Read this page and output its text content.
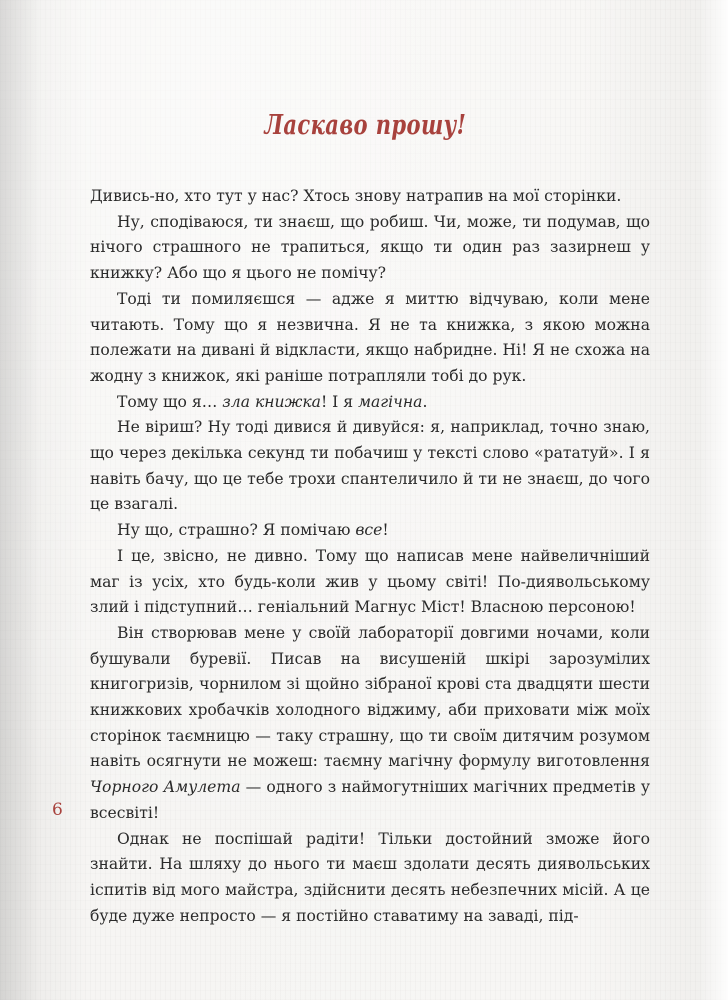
Ласкаво прошу!

Дивись-но, хто тут у нас? Хтось знову натрапив на мої сторінки.

Ну, сподіваюся, ти знаєш, що робиш. Чи, може, ти подумав, що нічого страшного не трапиться, якщо ти один раз зазирнеш у книжку? Або що я цього не помічу?

Тоді ти помиляєшся — адже я миттю відчуваю, коли мене читають. Тому що я незвична. Я не та книжка, з якою можна полежати на дивані й відкласти, якщо набридне. Ні! Я не схожа на жодну з книжок, які раніше потрапляли тобі до рук.

Тому що я… зла книжка! І я магічна.

Не віриш? Ну тоді дивися й дивуйся: я, наприклад, точно знаю, що через декілька секунд ти побачиш у тексті слово «рататуй». І я навіть бачу, що це тебе трохи спантеличило й ти не знаєш, до чого це взагалі.

Ну що, страшно? Я помічаю все!

І це, звісно, не дивно. Тому що написав мене найвеличніший маг із усіх, хто будь-коли жив у цьому світі! По-диявольському злий і підступний… геніальний Магнус Міст! Власною персоною!

Він створював мене у своїй лабораторії довгими ночами, коли бушували буревії. Писав на висушеній шкірі зарозумілих книгогризів, чорнилом зі щойно зібраної крові ста двадцяти шести книжкових хробачків холодного віджиму, аби приховати між моїх сторінок таємницю — таку страшну, що ти своїм дитячим розумом навіть осягнути не можеш: таємну магічну формулу виготовлення Чорного Амулета — одного з наймогутніших магічних предметів у всесвіті!

Однак не поспішай радіти! Тільки достойний зможе його знайти. На шляху до нього ти маєш здолати десять диявольських іспитів від мого майстра, здійснити десять небезпечних місій. А це буде дуже непросто — я постійно ставатиму на заваді, під-

6
